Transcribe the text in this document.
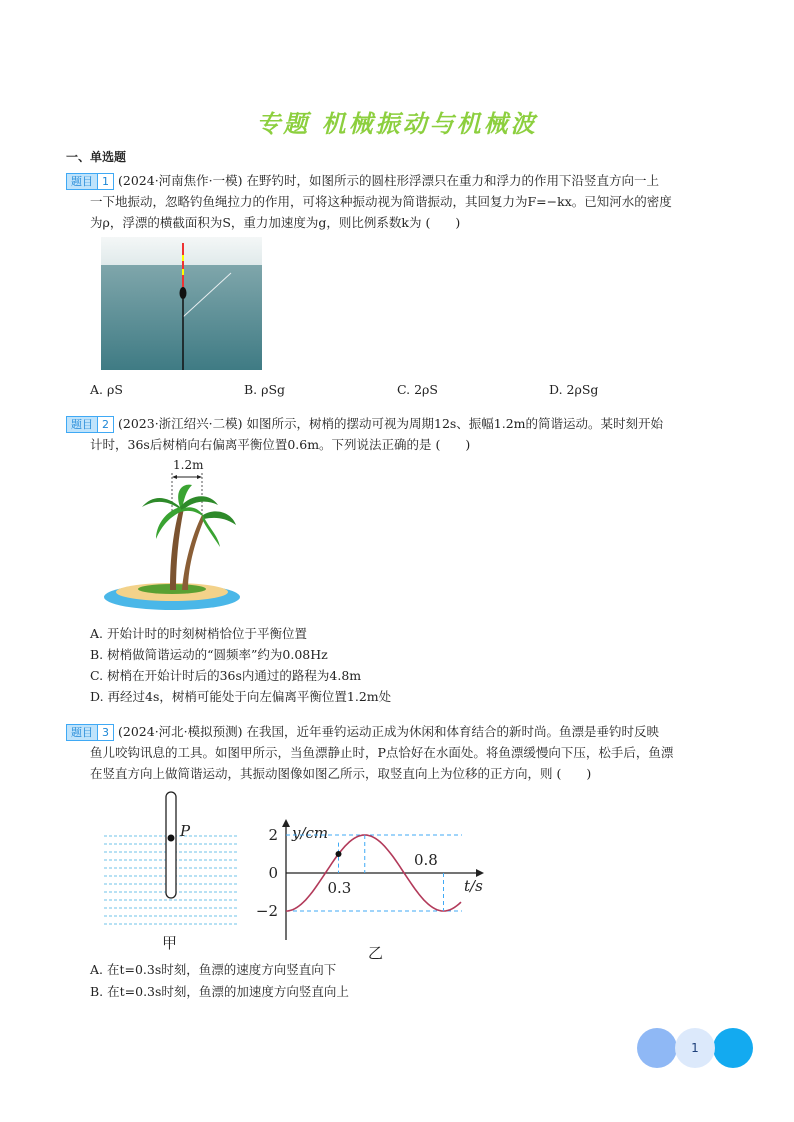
专题 机械振动与机械波
一、单选题
题目 1 (2024·河南焦作·一模) 在野钓时，如图所示的圆柱形浮漂只在重力和浮力的作用下沿竖直方向一上
一下地振动，忽略钓鱼绳拉力的作用，可将这种振动视为简谐振动，其回复力为F=−kx。已知河水的密度
为ρ，浮漂的横截面积为S，重力加速度为g，则比例系数k为 (　　)
A. ρS	B. ρSg	C. 2ρS	D. 2ρSg
题目 2 (2023·浙江绍兴·二模) 如图所示，树梢的摆动可视为周期12s、振幅1.2m的简谐运动。某时刻开始
计时，36s后树梢向右偏离平衡位置0.6m。下列说法正确的是 (　　)
1.2m
A. 开始计时的时刻树梢恰位于平衡位置
B. 树梢做简谐运动的“圆频率”约为0.08Hz
C. 树梢在开始计时后的36s内通过的路程为4.8m
D. 再经过4s，树梢可能处于向左偏离平衡位置1.2m处
题目 3 (2024·河北·模拟预测) 在我国，近年垂钓运动正成为休闲和体育结合的新时尚。鱼漂是垂钓时反映
鱼儿咬钩讯息的工具。如图甲所示，当鱼漂静止时，P点恰好在水面处。将鱼漂缓慢向下压，松手后，鱼漂
在竖直方向上做简谐运动，其振动图像如图乙所示，取竖直向上为位移的正方向，则 (　　)
P
甲
y/cm
t/s
乙
2
0
−2
0.3
0.8
1
A. 在t=0.3s时刻，鱼漂的速度方向竖直向下
B. 在t=0.3s时刻，鱼漂的加速度方向竖直向上
